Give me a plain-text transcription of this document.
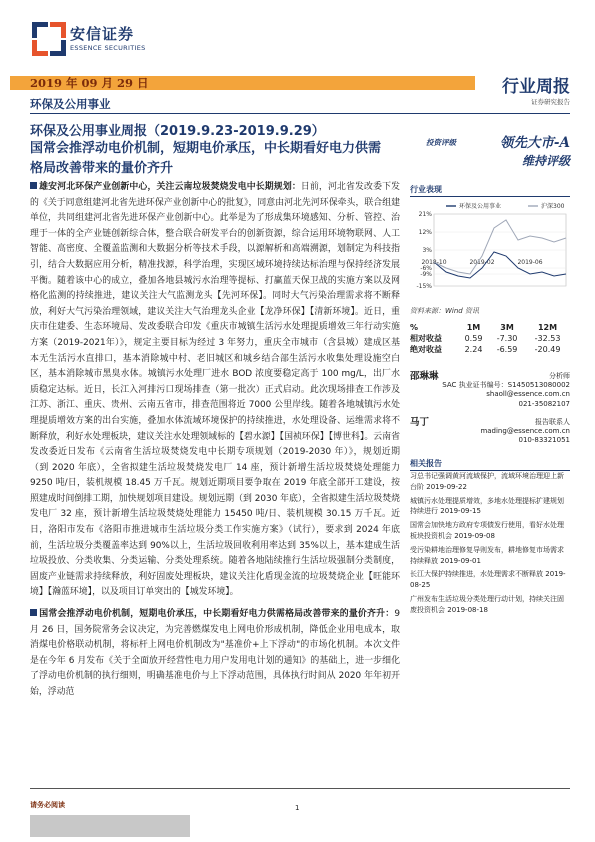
安信证券
ESSENCE SECURITIES
2019 年 09 月 29 日
环保及公用事业
行业周报
证券研究报告
环保及公用事业周报（2019.9.23-2019.9.29）
国常会推浮动电价机制，短期电价承压，中长期看好电力供需格局改善带来的量价齐升
投资评级	领先大市-A
维持评级

雄安河北环保产业创新中心，关注云南垃圾焚烧发电中长期规划：日前，河北省发改委下发的《关于同意组建河北省先进环保产业创新中心的批复》，同意由河北先河环保牵头，联合组建单位，共同组建河北省先进环保产业创新中心。此举是为了形成集环境感知、分析、管控、治理于一体的全产业链创新综合体，整合联合研发平台的创新资源，综合运用环境物联网、人工智能、高密度、全覆盖监测和大数据分析等技术手段，以源解析和高端溯源，划制定为科技指引，结合大数据应用分析，精准找源，科学治理，实现区域环境持续达标治理与保持经济发展平衡。随着该中心的成立，叠加各地县城污水治理等提标、打赢蓝天保卫战的实施方案以及网格化监测的持续推进，建议关注大气监测龙头【先河环保】。同时大气污染治理需求将不断释放，利好大气污染治理领域，建议关注大气治理龙头企业【龙净环保】【清新环境】。近日，重庆市住建委、生态环境局、发改委联合印发《重庆市城镇生活污水处理提质增效三年行动实施方案（2019-2021年）》，规定主要目标为经过 3 年努力，重庆全市城市（含县城）建成区基本无生活污水直排口，基本消除城中村、老旧城区和城乡结合部生活污水收集处理设施空白区，基本消除城市黑臭水体。城镇污水处理厂进水 BOD 浓度要稳定高于 100 mg/L，出厂水质稳定达标。近日，长江入河排污口现场排查（第一批次）正式启动。此次现场排查工作涉及江苏、浙江、重庆、贵州、云南五省市，排查范围将近 7000 公里岸线。随着各地城镇污水处理提质增效方案的出台实施，叠加水体流域环境保护的持续推进，水处理设备、运维需求将不断释放，利好水处理板块，建议关注水处理领域标的【碧水源】【国祯环保】【博世科】。云南省发改委近日发布《云南省生活垃圾焚烧发电中长期专项规划（2019-2030 年）》，规划近期（到 2020 年底），全省拟建生活垃圾焚烧发电厂 14 座，预计新增生活垃圾焚烧处理能力 9250 吨/日，装机规模 18.45 万千瓦。规划近期项目要争取在 2019 年底全部开工建设，按照建成时间倒排工期，加快规划项目建设。规划远期（到 2030 年底），全省拟建生活垃圾焚烧发电厂 32 座，预计新增生活垃圾焚烧处理能力 15450 吨/日、装机规模 30.15 万千瓦。近日，洛阳市发布《洛阳市推进城市生活垃圾分类工作实施方案》（试行），要求到 2024 年底前，生活垃圾分类覆盖率达到 90%以上，生活垃圾回收利用率达到 35%以上，基本建成生活垃圾投放、分类收集、分类运输、分类处理系统。随着各地陆续推行生活垃圾强制分类制度，固废产业链需求持续释放，利好固废处理板块，建议关注化盾现金流的垃圾焚烧企业【旺能环境】【瀚蓝环境】，以及项目订单突出的【城发环境】。

国常会推浮动电价机制，短期电价承压，中长期看好电力供需格局改善带来的量价齐升：9 月 26 日，国务院常务会议决定，为完善燃煤发电上网电价形成机制，降低企业用电成本，取消煤电价格联动机制，将标杆上网电价机制改为"基准价+上下浮动"的市场化机制。本次文件是在今年 6 月发布《关于全面放开经营性电力用户发用电计划的通知》的基础上，进一步细化了浮动电价机制的执行细则，明确基准电价与上下浮动范围，具体执行时间从 2020 年年初开始，浮动范

行业表现
21%
12%
3%
-6%
-9%
-15%
2018-10	2019-02	2019-06
环保及公用事业	沪深300
资料来源：Wind 资讯
%	1M	3M	12M
相对收益	0.59	-7.30	-32.53
绝对收益	2.24	-6.59	-20.49
邵琳琳	分析师
SAC 执业证书编号：S1450513080002
shaoll@essence.com.cn
021-35082107
马丁	报告联系人
mading@essence.com.cn
010-83321051
相关报告
习总书记强调黄河流域保护，流域环境治理迎上新台阶 2019-09-22
城镇污水处理提质增效，多地水处理提标扩建规划持续进行 2019-09-15
国常会加快地方政府专项债发行使用，看好水处理板块投资机会 2019-09-08
受污染耕地治理修复导则发布，耕地修复市场需求持续释放 2019-09-01
长江大保护持续推进，水处理需求不断释放 2019-08-25
广州发布生活垃圾分类处理行动计划，持续关注固废投资机会 2019-08-18
请务必阅读	1
